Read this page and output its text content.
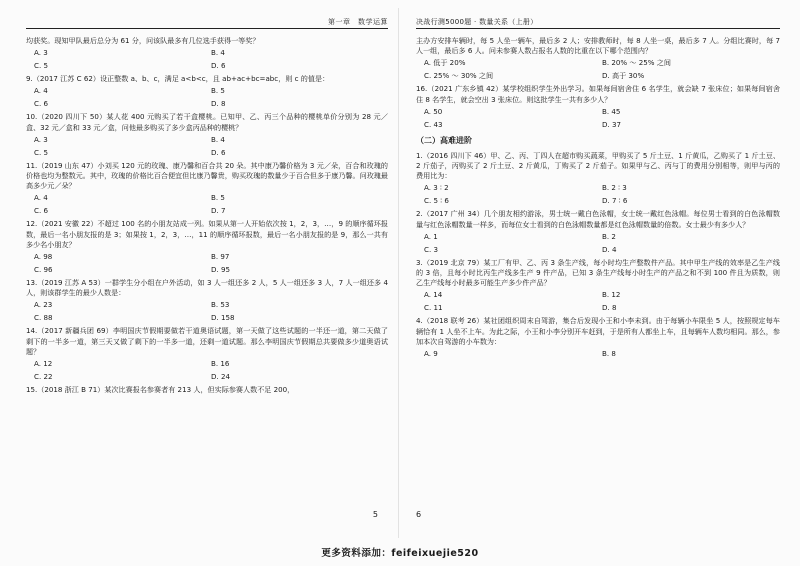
第一章　数学运算

均获奖。现知甲队最后总分为 61 分，问该队最多有几位选手获得一等奖？

A. 3	B. 4
C. 5	D. 6

9.（2017 江苏 C 62）设正整数 a、b、c，满足 a<b<c，且 ab+ac+bc=abc，则 c 的值是：

A. 4	B. 5
C. 6	D. 8

10.（2020 四川下 50）某人花 400 元购买了若干盒樱桃。已知甲、乙、丙三个品种的樱桃单价分别为 28 元／盒、32 元／盒和 33 元／盒，问他最多购买了多少盒丙品种的樱桃？

A. 3	B. 4
C. 5	D. 6

11.（2019 山东 47）小刘买 120 元的玫瑰、康乃馨和百合共 20 朵。其中康乃馨价格为 3 元／朵，百合和玫瑰的价格也均为整数元。其中，玫瑰的价格比百合便宜但比康乃馨贵，购买玫瑰的数量少于百合但多于康乃馨。问玫瑰最高多少元／朵？

A. 4	B. 5
C. 6	D. 7

12.（2021 安徽 22）不超过 100 名的小朋友站成一列。如果从第一人开始依次按 1，2，3，…，9 的顺序循环报数，最后一名小朋友报的是 3；如果按 1，2，3，…，11 的顺序循环报数，最后一名小朋友报的是 9，那么一共有多少名小朋友？

A. 98	B. 97
C. 96	D. 95

13.（2019 江苏 A 53）一群学生分小组在户外活动，如 3 人一组还多 2 人，5 人一组还多 3 人，7 人一组还多 4 人，则该群学生的最少人数是：

A. 23	B. 53
C. 88	D. 158

14.（2017 新疆兵团 69）李明国庆节假期要做若干道奥语试题，第一天做了这些试题的一半还一道，第二天做了剩下的一半多一道，第三天又做了剩下的一半多一道，还剩一道试题。那么李明国庆节假期总共要做多少道奥语试题？

A. 12	B. 16
C. 22	D. 24

15.（2018 浙江 B 71）某次比赛报名参赛者有 213 人，但实际参赛人数不足 200，

5
决战行测5000题 · 数量关系（上册）

主办方安排车辆时，每 5 人坐一辆车，最后多 2 人；安排教师时，每 8 人坐一桌，最后多 7 人。分组比赛时，每 7 人一组，最后多 6 人。问未参赛人数占报名人数的比重在以下哪个范围内？

A. 低于 20%	B. 20% ～ 25% 之间
C. 25% ～ 30% 之间	D. 高于 30%

16.（2021 广东乡镇 42）某学校组织学生外出学习。如果每间宿舍住 6 名学生，就会缺 7 张床位；如果每间宿舍住 8 名学生，就会空出 3 张床位。则这批学生一共有多少人？

A. 50	B. 45
C. 43	D. 37

（二）高难进阶

1.（2016 四川下 46）甲、乙、丙、丁四人在超市购买蔬菜，甲购买了 5 斤土豆、1 斤黄瓜，乙购买了 1 斤土豆、2 斤茄子，丙购买了 2 斤土豆、2 斤黄瓜，丁购买了 2 斤茄子。如果甲与乙、丙与丁的费用分别相等，则甲与丙的费用比为：

A. 3 ∶ 2	B. 2 ∶ 3
C. 5 ∶ 6	D. 7 ∶ 6

2.（2017 广州 34）几个朋友相约游泳，男士统一戴白色泳帽，女士统一戴红色泳帽。每位男士看到的白色泳帽数量与红色泳帽数量一样多，而每位女士看到的白色泳帽数量都是红色泳帽数量的倍数。女士最少有多少人？

A. 1	B. 2
C. 3	D. 4

3.（2019 北京 79）某工厂有甲、乙、丙 3 条生产线，每小时均生产整数件产品。其中甲生产线的效率是乙生产线的 3 倍，且每小时比丙生产线多生产 9 件产品，已知 3 条生产线每小时生产的产品之和不到 100 件且为质数，则乙生产线每小时最多可能生产多少件产品？

A. 14	B. 12
C. 11	D. 8

4.（2018 联考 26）某社团组织周末自驾游，集合后发现小王和小李未到。由于每辆小车限坐 5 人，按照规定每车辆恰有 1 人坐不上车。为此之际，小王和小李分别开车赶到，于是所有人都坐上车，且每辆车人数均相同。那么，参加本次自驾游的小车数为：

A. 9	B. 8
6
更多资料添加：feifeixuejie520
